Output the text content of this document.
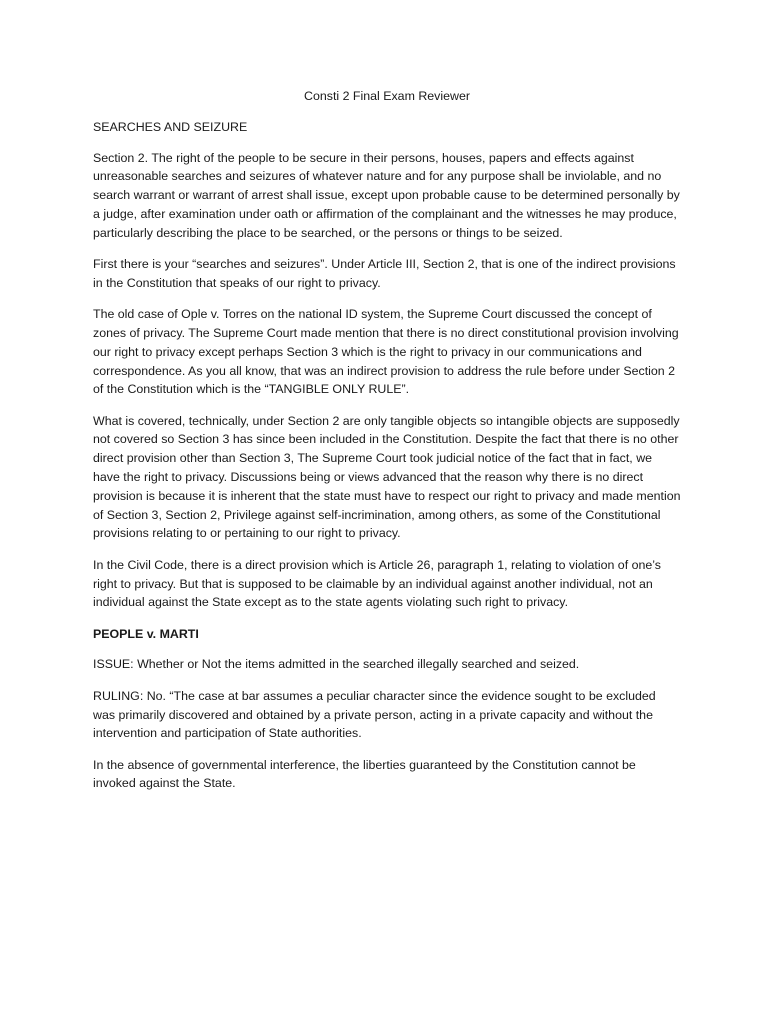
Consti 2 Final Exam Reviewer

SEARCHES AND SEIZURE

Section 2. The right of the people to be secure in their persons, houses, papers and effects against unreasonable searches and seizures of whatever nature and for any purpose shall be inviolable, and no search warrant or warrant of arrest shall issue, except upon probable cause to be determined personally by a judge, after examination under oath or affirmation of the complainant and the witnesses he may produce, particularly describing the place to be searched, or the persons or things to be seized.

First there is your “searches and seizures”. Under Article III, Section 2, that is one of the indirect provisions in the Constitution that speaks of our right to privacy.

The old case of Ople v. Torres on the national ID system, the Supreme Court discussed the concept of zones of privacy. The Supreme Court made mention that there is no direct constitutional provision involving our right to privacy except perhaps Section 3 which is the right to privacy in our communications and correspondence. As you all know, that was an indirect provision to address the rule before under Section 2 of the Constitution which is the “TANGIBLE ONLY RULE”.

What is covered, technically, under Section 2 are only tangible objects so intangible objects are supposedly not covered so Section 3 has since been included in the Constitution. Despite the fact that there is no other direct provision other than Section 3, The Supreme Court took judicial notice of the fact that in fact, we have the right to privacy. Discussions being or views advanced that the reason why there is no direct provision is because it is inherent that the state must have to respect our right to privacy and made mention of Section 3, Section 2, Privilege against self-incrimination, among others, as some of the Constitutional provisions relating to or pertaining to our right to privacy.

In the Civil Code, there is a direct provision which is Article 26, paragraph 1, relating to violation of one’s right to privacy. But that is supposed to be claimable by an individual against another individual, not an individual against the State except as to the state agents violating such right to privacy.

PEOPLE v. MARTI

ISSUE: Whether or Not the items admitted in the searched illegally searched and seized.

RULING: No. “The case at bar assumes a peculiar character since the evidence sought to be excluded was primarily discovered and obtained by a private person, acting in a private capacity and without the intervention and participation of State authorities.

In the absence of governmental interference, the liberties guaranteed by the Constitution cannot be invoked against the State.
